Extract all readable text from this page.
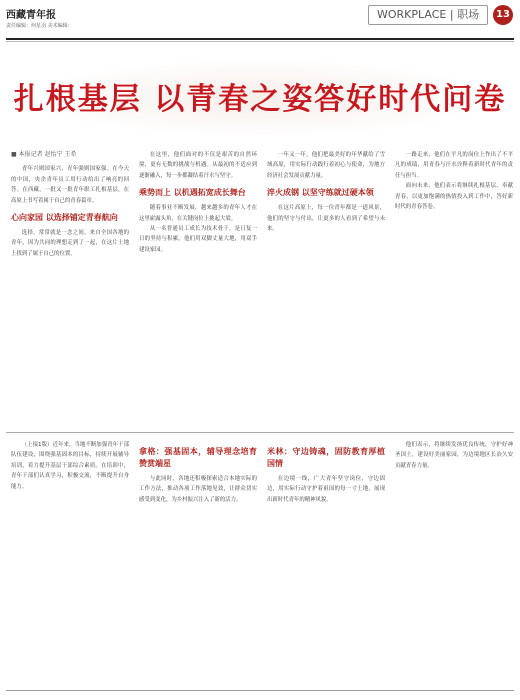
西藏青年报
责任编辑：何星羽 美术编辑：
WORKPLACE | 职场	13
扎根基层 以青春之姿答好时代问卷
■ 本报记者 赵怡宁 王希

青年兴则国家兴，青年强则国家强。在今天的中国，央企青年员工用行动给出了响亮的回答。在西藏，一批又一批青年职工扎根基层，在高原上书写着属于自己的青春篇章。

心向家园 以选择铺定青春航向

选择，常常就是一念之间。来自全国各地的青年，因为共同的理想走到了一起，在这片土地上找到了属于自己的位置。

在这里，他们面对的不仅是艰苦的自然环境，更有无数的挑战与机遇。从最初的不适应到逐渐融入，每一步都凝结着汗水与坚守。

乘势而上 以机遇拓宽成长舞台

随着事业不断发展，越来越多的青年人才在这里崭露头角，在关键岗位上挑起大梁。

从一名普通员工成长为技术骨干，是日复一日的坚持与积累。他们用双脚丈量大地，用双手建设家园。

一年又一年，他们把最美好的年华献给了雪域高原，用实际行动践行着初心与使命，为地方经济社会发展贡献力量。

淬火成钢 以坚守练就过硬本领

在这片高原上，每一位青年都是一道风景，他们的坚守与付出，让更多的人看到了希望与未来。

一路走来，他们在平凡的岗位上作出了不平凡的成绩，用青春与汗水诠释着新时代青年的责任与担当。

面向未来，他们表示将继续扎根基层、奉献青春，以更加饱满的热情投入到工作中，答好新时代的青春答卷。

（上接1版）近年来，当地不断加强青年干部队伍建设，围绕强基固本的目标，持续开展辅导培训，着力提升基层干部综合素质。在培训中，青年干部们认真学习，积极交流，不断提升自身能力。

拿格：强基固本，辅导理念培育赞赏端星

与此同时，各地还积极探索适合本地实际的工作方法，推动各项工作落地见效，让群众切实感受到变化，为乡村振兴注入了新的活力。

米林：守边铸魂，固防教育厚植国情

在边境一线，广大青年坚守岗位，守边固边，用实际行动守护着祖国的每一寸土地，展现出新时代青年的精神风貌。

他们表示，将继续发扬优良传统，守护好神圣国土，建设好美丽家园，为边境地区长治久安贡献青春力量。
